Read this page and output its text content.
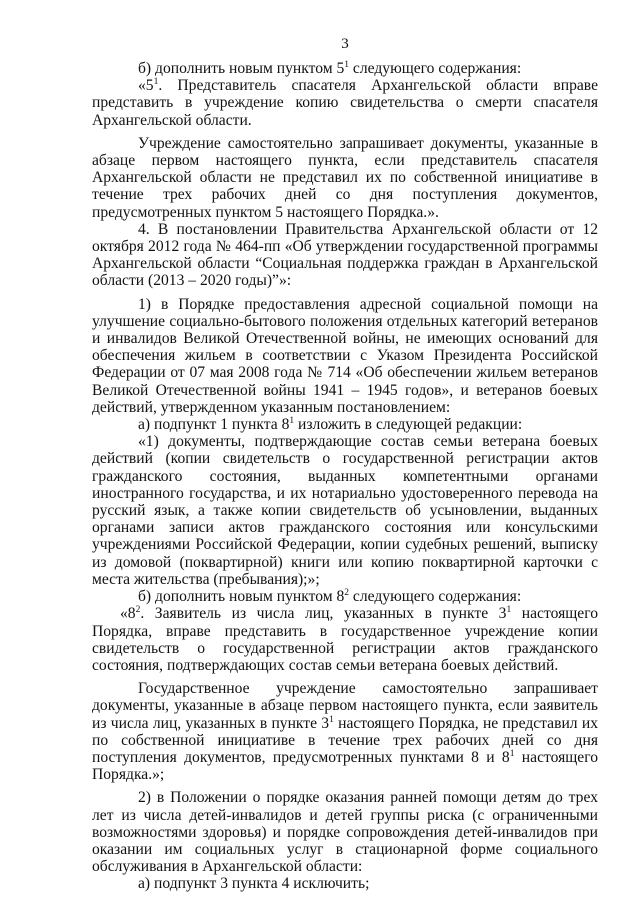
3

б) дополнить новым пунктом $5^1$ следующего содержания:

«$5^1$. Представитель спасателя Архангельской области вправе представить в учреждение копию свидетельства о смерти спасателя Архангельской области.

Учреждение самостоятельно запрашивает документы, указанные в абзаце первом настоящего пункта, если представитель спасателя Архангельской области не представил их по собственной инициативе в течение трех рабочих дней со дня поступления документов, предусмотренных пунктом 5 настоящего Порядка.».

4. В постановлении Правительства Архангельской области от 12 октября 2012 года № 464-пп «Об утверждении государственной программы Архангельской области “Социальная поддержка граждан в Архангельской области (2013 – 2020 годы)”»:

1) в Порядке предоставления адресной социальной помощи на улучшение социально-бытового положения отдельных категорий ветеранов и инвалидов Великой Отечественной войны, не имеющих оснований для обеспечения жильем в соответствии с Указом Президента Российской Федерации от 07 мая 2008 года № 714 «Об обеспечении жильем ветеранов Великой Отечественной войны 1941 – 1945 годов», и ветеранов боевых действий, утвержденном указанным постановлением:

а) подпункт 1 пункта $8^1$ изложить в следующей редакции:

«1) документы, подтверждающие состав семьи ветерана боевых действий (копии свидетельств о государственной регистрации актов гражданского состояния, выданных компетентными органами иностранного государства, и их нотариально удостоверенного перевода на русский язык, а также копии свидетельств об усыновлении, выданных органами записи актов гражданского состояния или консульскими учреждениями Российской Федерации, копии судебных решений, выписку из домовой (поквартирной) книги или копию поквартирной карточки с места жительства (пребывания);»;

б) дополнить новым пунктом $8^2$ следующего содержания:

«$8^2$. Заявитель из числа лиц, указанных в пункте $3^1$ настоящего Порядка, вправе представить в государственное учреждение копии свидетельств о государственной регистрации актов гражданского состояния, подтверждающих состав семьи ветерана боевых действий.

Государственное учреждение самостоятельно запрашивает документы, указанные в абзаце первом настоящего пункта, если заявитель из числа лиц, указанных в пункте $3^1$ настоящего Порядка, не представил их по собственной инициативе в течение трех рабочих дней со дня поступления документов, предусмотренных пунктами 8 и $8^1$ настоящего Порядка.»;

2) в Положении о порядке оказания ранней помощи детям до трех лет из числа детей-инвалидов и детей группы риска (с ограниченными возможностями здоровья) и порядке сопровождения детей-инвалидов при оказании им социальных услуг в стационарной форме социального обслуживания в Архангельской области:

а) подпункт 3 пункта 4 исключить;
